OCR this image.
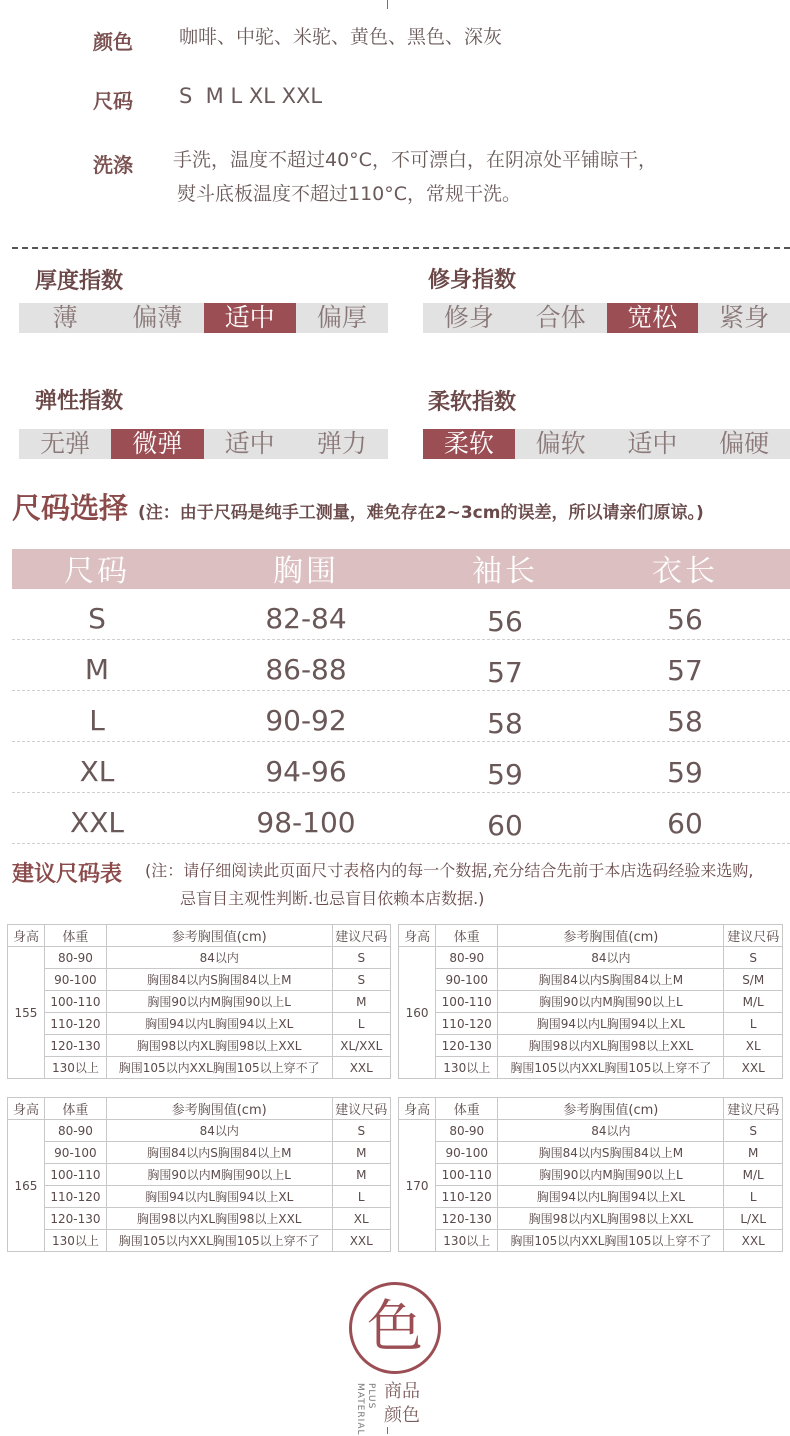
颜色	咖啡、中驼、米驼、黄色、黑色、深灰
尺码	S  M L XL XXL
洗涤	手洗，温度不超过40°C，不可漂白，在阴凉处平铺晾干，
熨斗底板温度不超过110°C，常规干洗。
厚度指数
薄	偏薄	适中	偏厚
修身指数
修身	合体	宽松	紧身
弹性指数
无弹	微弹	适中	弹力
柔软指数
柔软	偏软	适中	偏硬
尺码选择 (注：由于尺码是纯手工测量，难免存在2~3cm的误差，所以请亲们原谅。)
尺码	胸围	袖长	衣长
S	82-84	56	56
M	86-88	57	57
L	90-92	58	58
XL	94-96	59	59
XXL	98-100	60	60
建议尺码表 (注：请仔细阅读此页面尺寸表格内的每一个数据,充分结合先前于本店选码经验来选购,
忌盲目主观性判断.也忌盲目依赖本店数据.)
身高	体重	参考胸围值(cm)	建议尺码
155	80-90	84以内	S
	90-100	胸围84以内S胸围84以上M	S
	100-110	胸围90以内M胸围90以上L	M
	110-120	胸围94以内L胸围94以上XL	L
	120-130	胸围98以内XL胸围98以上XXL	XL/XXL
	130以上	胸围105以内XXL胸围105以上穿不了	XXL
身高	体重	参考胸围值(cm)	建议尺码
160	80-90	84以内	S
	90-100	胸围84以内S胸围84以上M	S/M
	100-110	胸围90以内M胸围90以上L	M/L
	110-120	胸围94以内L胸围94以上XL	L
	120-130	胸围98以内XL胸围98以上XXL	XL
	130以上	胸围105以内XXL胸围105以上穿不了	XXL
身高	体重	参考胸围值(cm)	建议尺码
165	80-90	84以内	S
	90-100	胸围84以内S胸围84以上M	M
	100-110	胸围90以内M胸围90以上L	M
	110-120	胸围94以内L胸围94以上XL	L
	120-130	胸围98以内XL胸围98以上XXL	XL
	130以上	胸围105以内XXL胸围105以上穿不了	XXL
身高	体重	参考胸围值(cm)	建议尺码
170	80-90	84以内	S
	90-100	胸围84以内S胸围84以上M	M
	100-110	胸围90以内M胸围90以上L	M/L
	110-120	胸围94以内L胸围94以上XL	L
	120-130	胸围98以内XL胸围98以上XXL	L/XL
	130以上	胸围105以内XXL胸围105以上穿不了	XXL
色
PLUS MATERIAL	商品
颜色
